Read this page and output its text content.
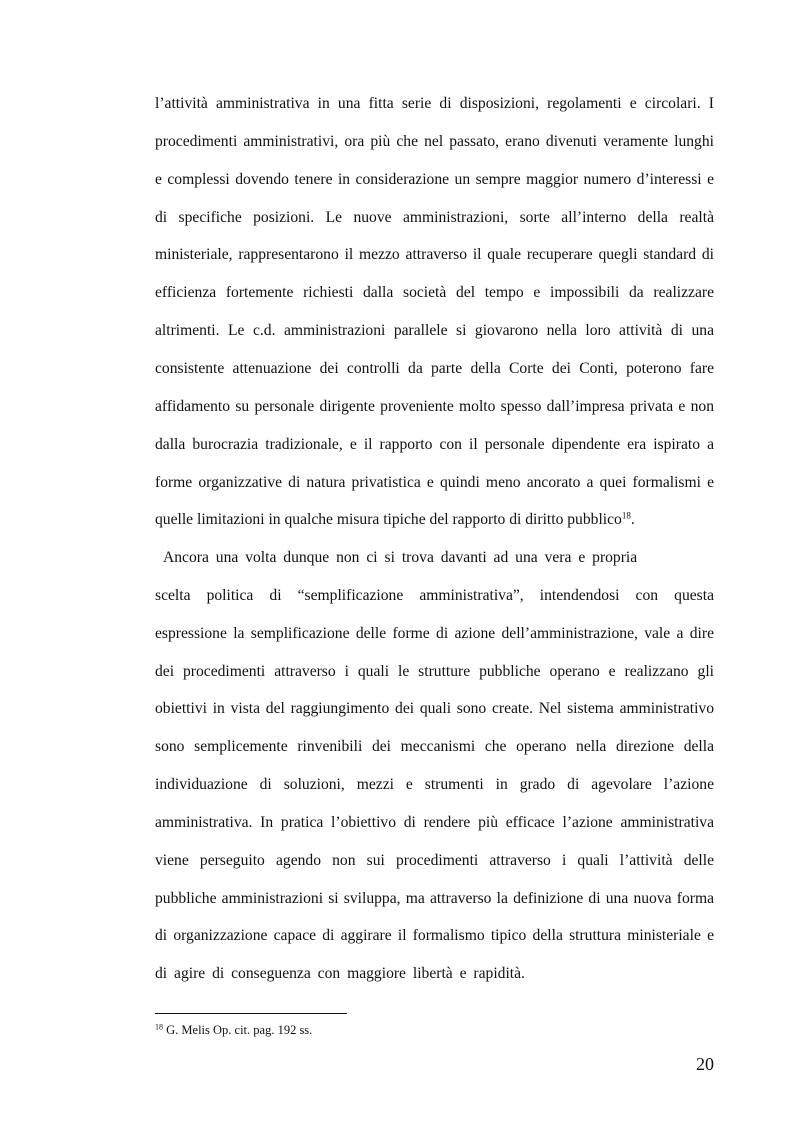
l’attività amministrativa in una fitta serie di disposizioni, regolamenti e circolari. I
procedimenti amministrativi, ora più che nel passato, erano divenuti veramente lunghi
e complessi dovendo tenere in considerazione un sempre maggior numero d’interessi e
di specifiche posizioni. Le nuove amministrazioni, sorte all’interno della realtà
ministeriale, rappresentarono il mezzo attraverso il quale recuperare quegli standard di
efficienza fortemente richiesti dalla società del tempo e impossibili da realizzare
altrimenti. Le c.d. amministrazioni parallele si giovarono nella loro attività di una
consistente attenuazione dei controlli da parte della Corte dei Conti, poterono fare
affidamento su personale dirigente proveniente molto spesso dall’impresa privata e non
dalla burocrazia tradizionale, e il rapporto con il personale dipendente era ispirato a
forme organizzative di natura privatistica e quindi meno ancorato a quei formalismi e
quelle limitazioni in qualche misura tipiche del rapporto di diritto pubblico$^{18}$.
Ancora una volta dunque non ci si trova davanti ad una vera e propria
scelta politica di “semplificazione amministrativa”, intendendosi con questa
espressione la semplificazione delle forme di azione dell’amministrazione, vale a dire
dei procedimenti attraverso i quali le strutture pubbliche operano e realizzano gli
obiettivi in vista del raggiungimento dei quali sono create. Nel sistema amministrativo
sono semplicemente rinvenibili dei meccanismi che operano nella direzione della
individuazione di soluzioni, mezzi e strumenti in grado di agevolare l’azione
amministrativa. In pratica l’obiettivo di rendere più efficace l’azione amministrativa
viene perseguito agendo non sui procedimenti attraverso i quali l’attività delle
pubbliche amministrazioni si sviluppa, ma attraverso la definizione di una nuova forma
di organizzazione capace di aggirare il formalismo tipico della struttura ministeriale e
di agire di conseguenza con maggiore libertà e rapidità.
$^{18}$ G. Melis Op. cit. pag. 192 ss.
20
